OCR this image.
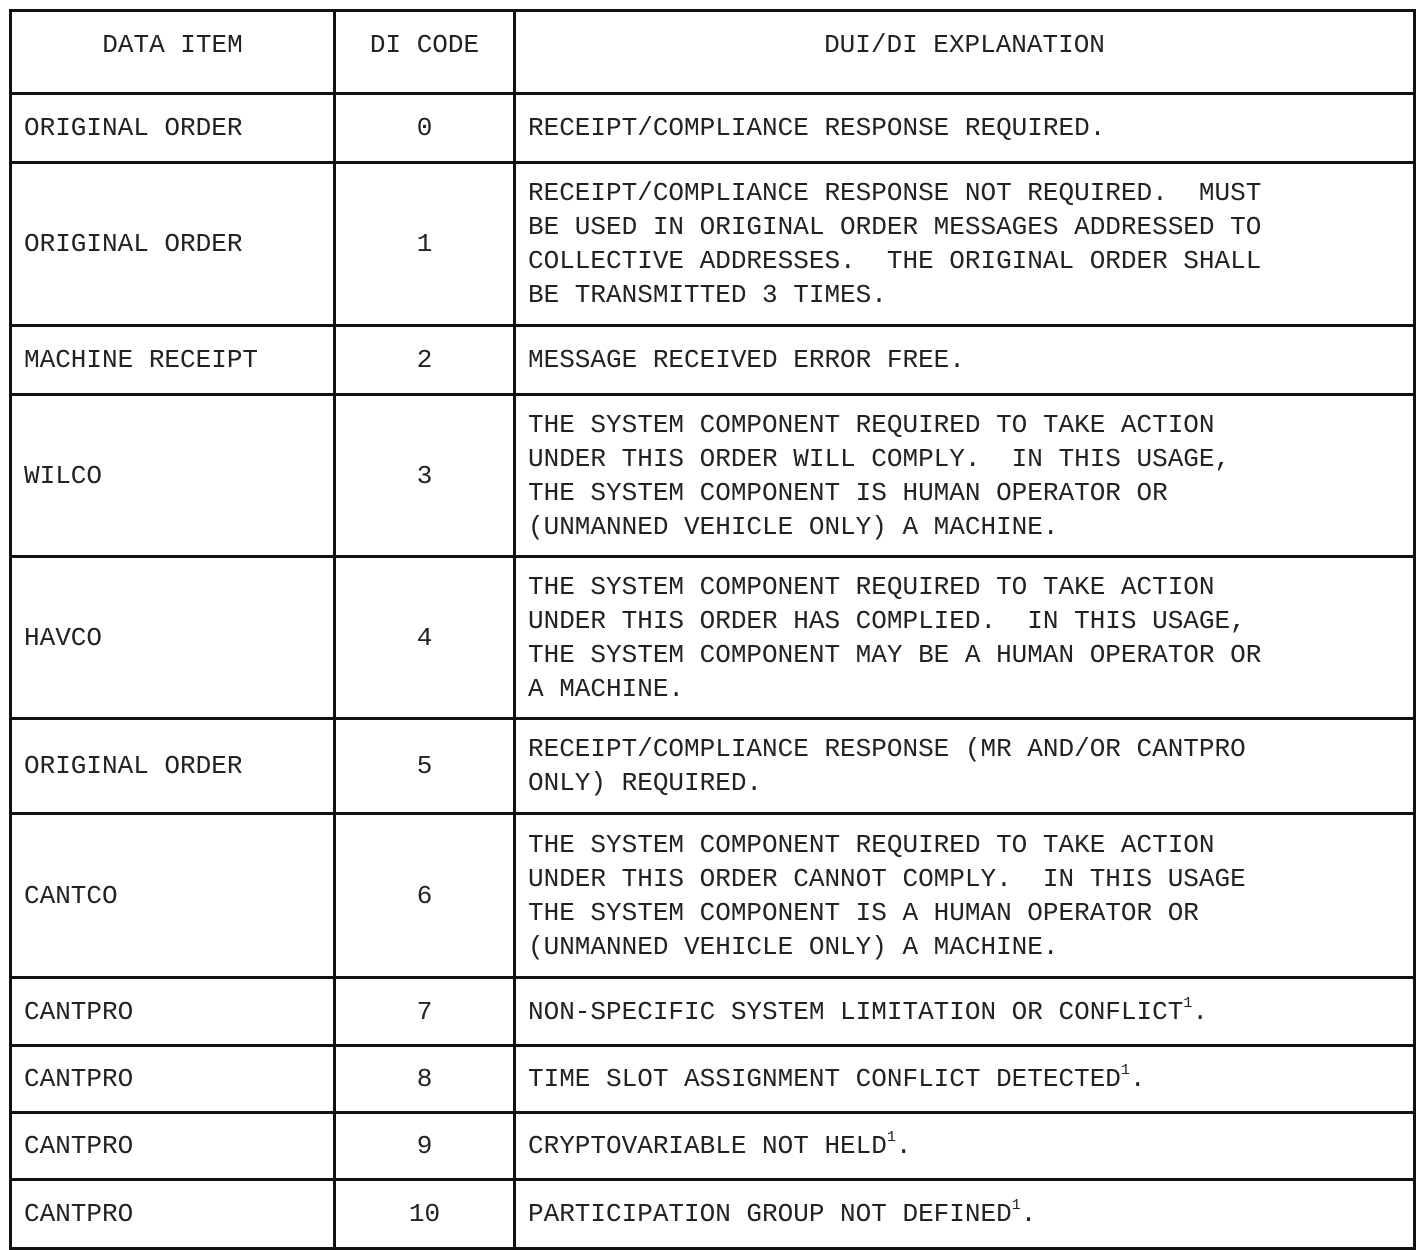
DATA ITEM	DI CODE	DUI/DI EXPLANATION
ORIGINAL ORDER	0	RECEIPT/COMPLIANCE RESPONSE REQUIRED.
ORIGINAL ORDER	1	RECEIPT/COMPLIANCE RESPONSE NOT REQUIRED.  MUST
BE USED IN ORIGINAL ORDER MESSAGES ADDRESSED TO
COLLECTIVE ADDRESSES.  THE ORIGINAL ORDER SHALL
BE TRANSMITTED 3 TIMES.
MACHINE RECEIPT	2	MESSAGE RECEIVED ERROR FREE.
WILCO	3	THE SYSTEM COMPONENT REQUIRED TO TAKE ACTION
UNDER THIS ORDER WILL COMPLY.  IN THIS USAGE,
THE SYSTEM COMPONENT IS HUMAN OPERATOR OR
(UNMANNED VEHICLE ONLY) A MACHINE.
HAVCO	4	THE SYSTEM COMPONENT REQUIRED TO TAKE ACTION
UNDER THIS ORDER HAS COMPLIED.  IN THIS USAGE,
THE SYSTEM COMPONENT MAY BE A HUMAN OPERATOR OR
A MACHINE.
ORIGINAL ORDER	5	RECEIPT/COMPLIANCE RESPONSE (MR AND/OR CANTPRO
ONLY) REQUIRED.
CANTCO	6	THE SYSTEM COMPONENT REQUIRED TO TAKE ACTION
UNDER THIS ORDER CANNOT COMPLY.  IN THIS USAGE
THE SYSTEM COMPONENT IS A HUMAN OPERATOR OR
(UNMANNED VEHICLE ONLY) A MACHINE.
CANTPRO	7	NON-SPECIFIC SYSTEM LIMITATION OR CONFLICT$^1$.
CANTPRO	8	TIME SLOT ASSIGNMENT CONFLICT DETECTED$^1$.
CANTPRO	9	CRYPTOVARIABLE NOT HELD$^1$.
CANTPRO	10	PARTICIPATION GROUP NOT DEFINED$^1$.
